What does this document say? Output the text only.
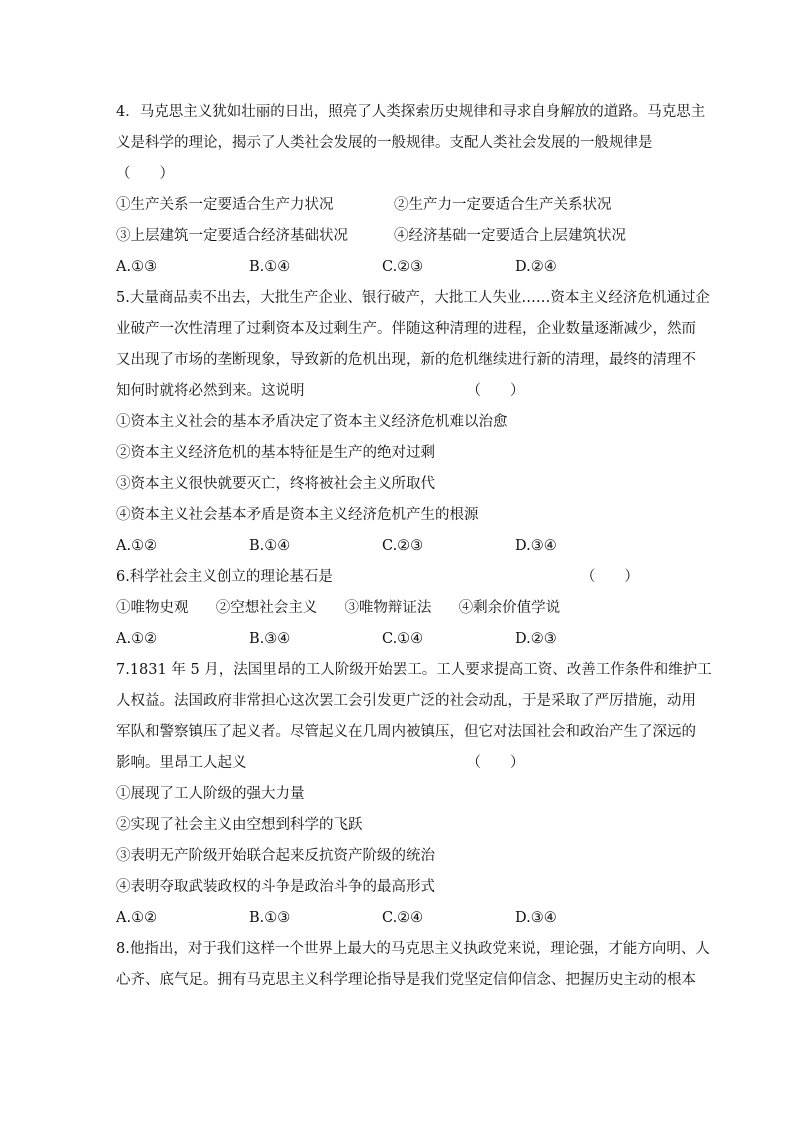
4．马克思主义犹如壮丽的日出，照亮了人类探索历史规律和寻求自身解放的道路。马克思主
义是科学的理论，揭示了人类社会发展的一般规律。支配人类社会发展的一般规律是
（　　）
①生产关系一定要适合生产力状况	②生产力一定要适合生产关系状况
③上层建筑一定要适合经济基础状况	④经济基础一定要适合上层建筑状况
A.①③	B.①④	C.②③	D.②④
5.大量商品卖不出去，大批生产企业、银行破产，大批工人失业……资本主义经济危机通过企
业破产一次性清理了过剩资本及过剩生产。伴随这种清理的进程，企业数量逐渐减少，然而
又出现了市场的垄断现象，导致新的危机出现，新的危机继续进行新的清理，最终的清理不
知何时就将必然到来。这说明	（　　）
①资本主义社会的基本矛盾决定了资本主义经济危机难以治愈
②资本主义经济危机的基本特征是生产的绝对过剩
③资本主义很快就要灭亡，终将被社会主义所取代
④资本主义社会基本矛盾是资本主义经济危机产生的根源
A.①②	B.①④	C.②③	D.③④
6.科学社会主义创立的理论基石是	（　　）
①唯物史观 ②空想社会主义 ③唯物辩证法 ④剩余价值学说
A.①②	B.③④	C.①④	D.②③
7.1831 年 5 月，法国里昂的工人阶级开始罢工。工人要求提高工资、改善工作条件和维护工
人权益。法国政府非常担心这次罢工会引发更广泛的社会动乱，于是采取了严厉措施，动用
军队和警察镇压了起义者。尽管起义在几周内被镇压，但它对法国社会和政治产生了深远的
影响。里昂工人起义	（　　）
①展现了工人阶级的强大力量
②实现了社会主义由空想到科学的飞跃
③表明无产阶级开始联合起来反抗资产阶级的统治
④表明夺取武装政权的斗争是政治斗争的最高形式
A.①②	B.①③	C.②④	D.③④
8.他指出，对于我们这样一个世界上最大的马克思主义执政党来说，理论强，才能方向明、人
心齐、底气足。拥有马克思主义科学理论指导是我们党坚定信仰信念、把握历史主动的根本
